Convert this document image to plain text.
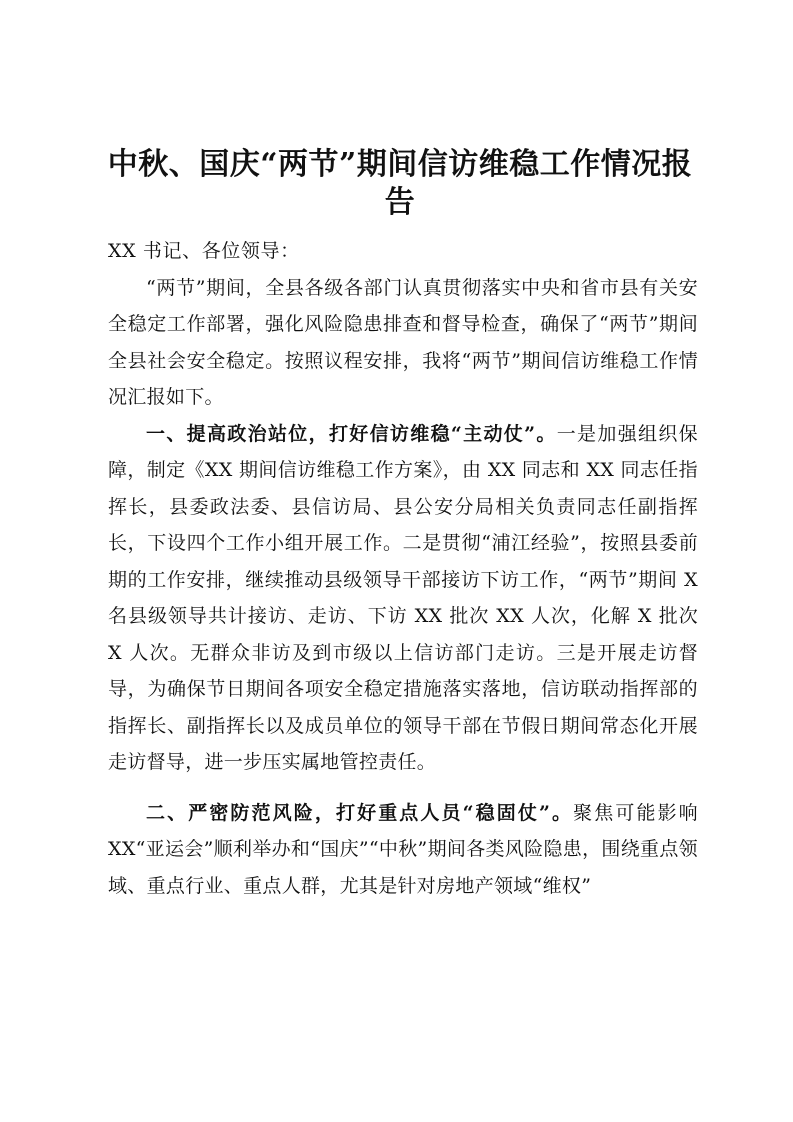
中秋、国庆“两节”期间信访维稳工作情况报告

XX 书记、各位领导：

“两节”期间，全县各级各部门认真贯彻落实中央和省市县有关安全稳定工作部署，强化风险隐患排查和督导检查，确保了“两节”期间全县社会安全稳定。按照议程安排，我将“两节”期间信访维稳工作情况汇报如下。

一、提高政治站位，打好信访维稳“主动仗”。一是加强组织保障，制定《XX 期间信访维稳工作方案》，由 XX 同志和 XX 同志任指挥长，县委政法委、县信访局、县公安分局相关负责同志任副指挥长，下设四个工作小组开展工作。二是贯彻“浦江经验”，按照县委前期的工作安排，继续推动县级领导干部接访下访工作，“两节”期间 X 名县级领导共计接访、走访、下访 XX 批次 XX 人次，化解 X 批次 X 人次。无群众非访及到市级以上信访部门走访。三是开展走访督导，为确保节日期间各项安全稳定措施落实落地，信访联动指挥部的指挥长、副指挥长以及成员单位的领导干部在节假日期间常态化开展走访督导，进一步压实属地管控责任。

二、严密防范风险，打好重点人员“稳固仗”。聚焦可能影响 XX“亚运会”顺利举办和“国庆”“中秋”期间各类风险隐患，围绕重点领域、重点行业、重点人群，尤其是针对房地产领域“维权”
